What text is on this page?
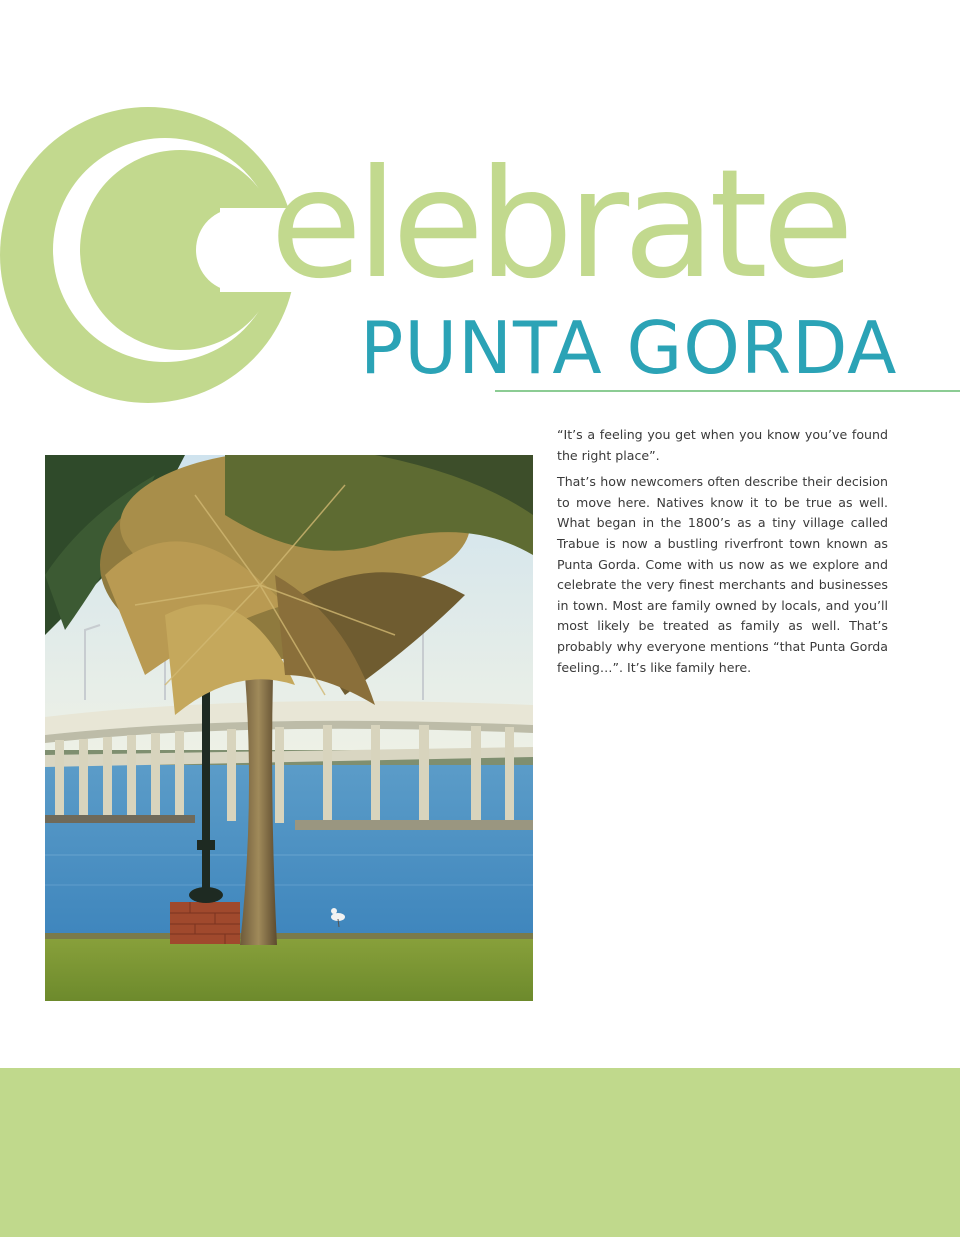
elebrate
PUNTA GORDA

“It’s a feeling you get when you know you’ve found the right place”.

That’s how newcomers often describe their decision to move here. Natives know it to be true as well. What began in the 1800’s as a tiny village called Trabue is now a bustling riverfront town known as Punta Gorda. Come with us now as we explore and celebrate the very finest merchants and businesses in town. Most are family owned by locals, and you’ll most likely be treated as family as well. That’s probably why everyone mentions “that Punta Gorda feeling…”. It’s like family here.
